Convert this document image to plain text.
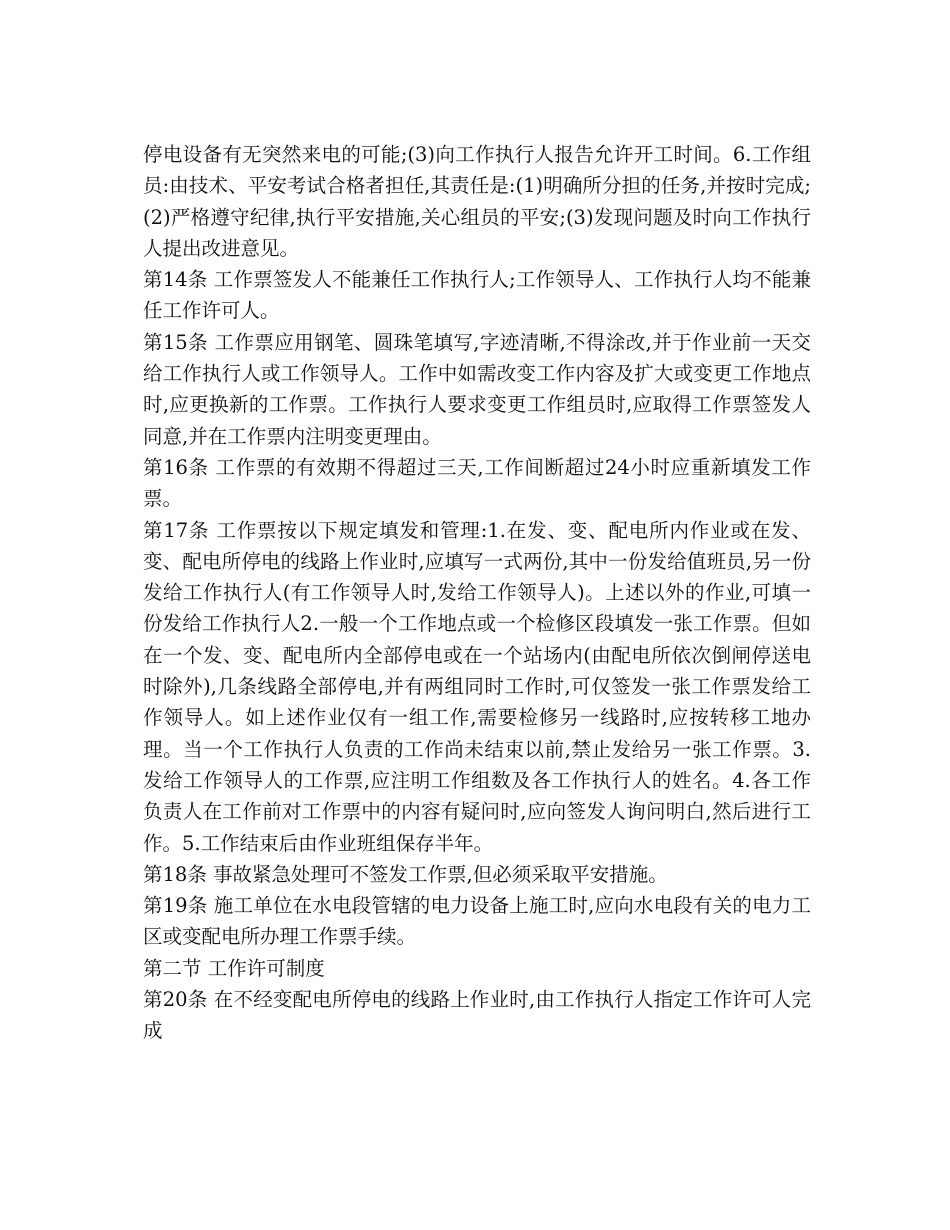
停电设备有无突然来电的可能;(3)向工作执行人报告允许开工时间。6.工作组员:由技术、平安考试合格者担任,其责任是:(1)明确所分担的任务,并按时完成;(2)严格遵守纪律,执行平安措施,关心组员的平安;(3)发现问题及时向工作执行人提出改进意见。

第14条 工作票签发人不能兼任工作执行人;工作领导人、工作执行人均不能兼任工作许可人。

第15条 工作票应用钢笔、圆珠笔填写,字迹清晰,不得涂改,并于作业前一天交给工作执行人或工作领导人。工作中如需改变工作内容及扩大或变更工作地点时,应更换新的工作票。工作执行人要求变更工作组员时,应取得工作票签发人同意,并在工作票内注明变更理由。

第16条 工作票的有效期不得超过三天,工作间断超过24小时应重新填发工作票。

第17条 工作票按以下规定填发和管理:1.在发、变、配电所内作业或在发、变、配电所停电的线路上作业时,应填写一式两份,其中一份发给值班员,另一份发给工作执行人(有工作领导人时,发给工作领导人)。上述以外的作业,可填一份发给工作执行人2.一般一个工作地点或一个检修区段填发一张工作票。但如在一个发、变、配电所内全部停电或在一个站场内(由配电所依次倒闸停送电时除外),几条线路全部停电,并有两组同时工作时,可仅签发一张工作票发给工作领导人。如上述作业仅有一组工作,需要检修另一线路时,应按转移工地办理。当一个工作执行人负责的工作尚未结束以前,禁止发给另一张工作票。3.发给工作领导人的工作票,应注明工作组数及各工作执行人的姓名。4.各工作负责人在工作前对工作票中的内容有疑问时,应向签发人询问明白,然后进行工作。5.工作结束后由作业班组保存半年。

第18条 事故紧急处理可不签发工作票,但必须采取平安措施。

第19条 施工单位在水电段管辖的电力设备上施工时,应向水电段有关的电力工区或变配电所办理工作票手续。

第二节 工作许可制度

第20条 在不经变配电所停电的线路上作业时,由工作执行人指定工作许可人完成
